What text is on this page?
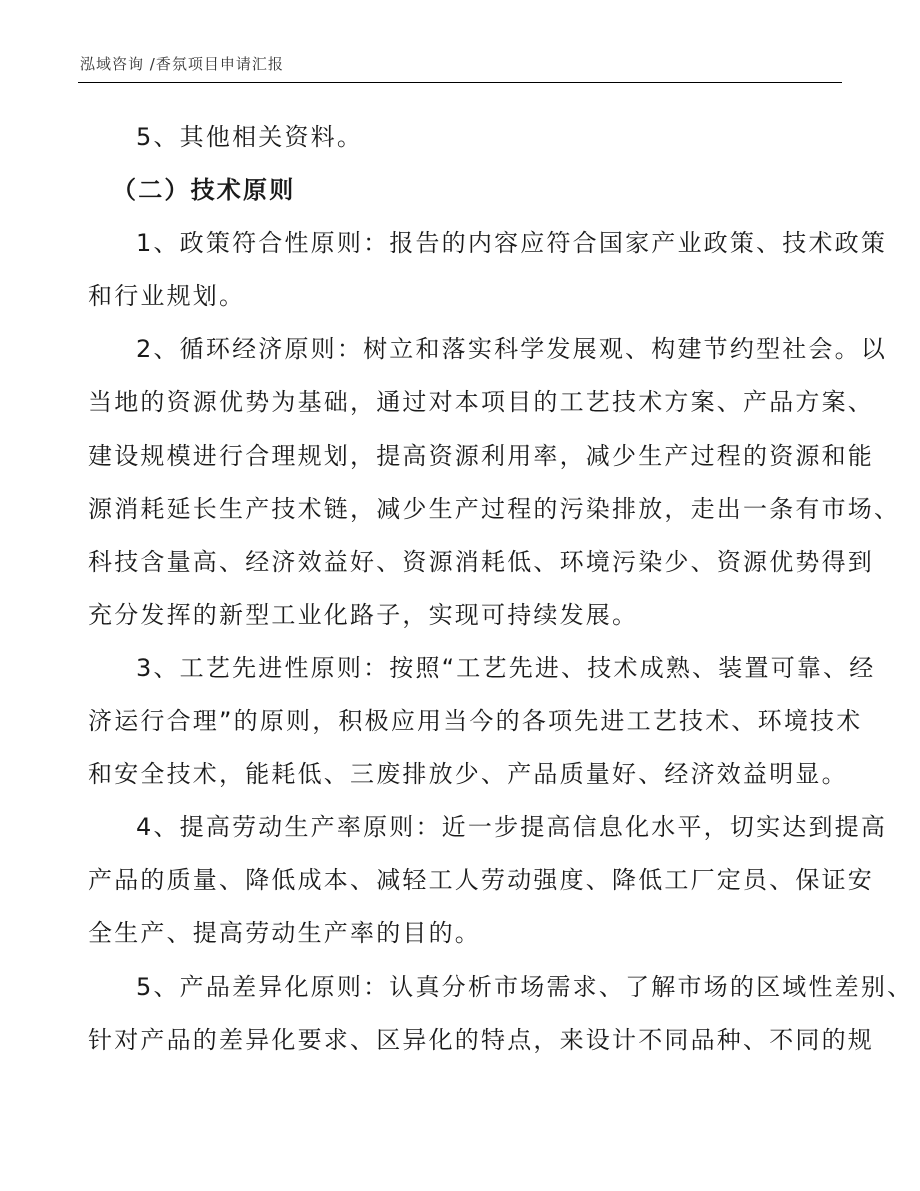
泓域咨询 /香氛项目申请汇报
5、其他相关资料。
（二）技术原则
1、政策符合性原则：报告的内容应符合国家产业政策、技术政策
和行业规划。
2、循环经济原则：树立和落实科学发展观、构建节约型社会。以
当地的资源优势为基础，通过对本项目的工艺技术方案、产品方案、
建设规模进行合理规划，提高资源利用率，减少生产过程的资源和能
源消耗延长生产技术链，减少生产过程的污染排放，走出一条有市场、
科技含量高、经济效益好、资源消耗低、环境污染少、资源优势得到
充分发挥的新型工业化路子，实现可持续发展。
3、工艺先进性原则：按照“工艺先进、技术成熟、装置可靠、经
济运行合理”的原则，积极应用当今的各项先进工艺技术、环境技术
和安全技术，能耗低、三废排放少、产品质量好、经济效益明显。
4、提高劳动生产率原则：近一步提高信息化水平，切实达到提高
产品的质量、降低成本、减轻工人劳动强度、降低工厂定员、保证安
全生产、提高劳动生产率的目的。
5、产品差异化原则：认真分析市场需求、了解市场的区域性差别、
针对产品的差异化要求、区异化的特点，来设计不同品种、不同的规
